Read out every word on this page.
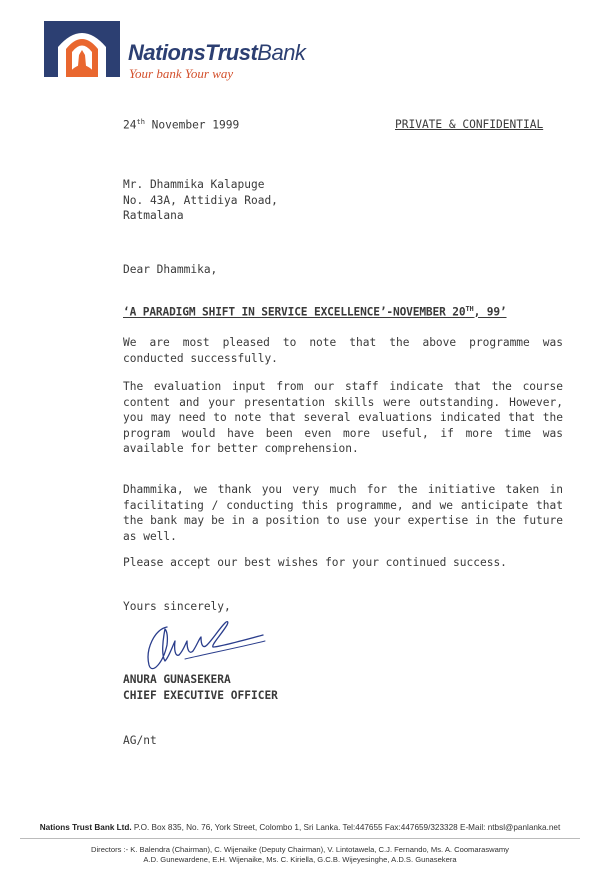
NationsTrustBank
Your bank Your way
24th November 1999	PRIVATE & CONFIDENTIAL
Mr. Dhammika Kalapuge
No. 43A, Attidiya Road,
Ratmalana
Dear Dhammika,
‘A PARADIGM SHIFT IN SERVICE EXCELLENCE’-NOVEMBER 20TH, 99’
We are most pleased to note that the above programme was conducted successfully.
The evaluation input from our staff indicate that the course content and your presentation skills were outstanding. However, you may need to note that several evaluations indicated that the program would have been even more useful, if more time was available for better comprehension.
Dhammika, we thank you very much for the initiative taken in facilitating / conducting this programme, and we anticipate that the bank may be in a position to use your expertise in the future as well.
Please accept our best wishes for your continued success.
Yours sincerely,
ANURA GUNASEKERA
CHIEF EXECUTIVE OFFICER
AG/nt
Nations Trust Bank Ltd. P.O. Box 835, No. 76, York Street, Colombo 1, Sri Lanka. Tel:447655 Fax:447659/323328 E-Mail: ntbsl@panlanka.net
Directors :- K. Balendra (Chairman), C. Wijenaike (Deputy Chairman), V. Lintotawela, C.J. Fernando, Ms. A. Coomaraswamy
A.D. Gunewardene, E.H. Wijenaike, Ms. C. Kiriella, G.C.B. Wijeyesinghe, A.D.S. Gunasekera
